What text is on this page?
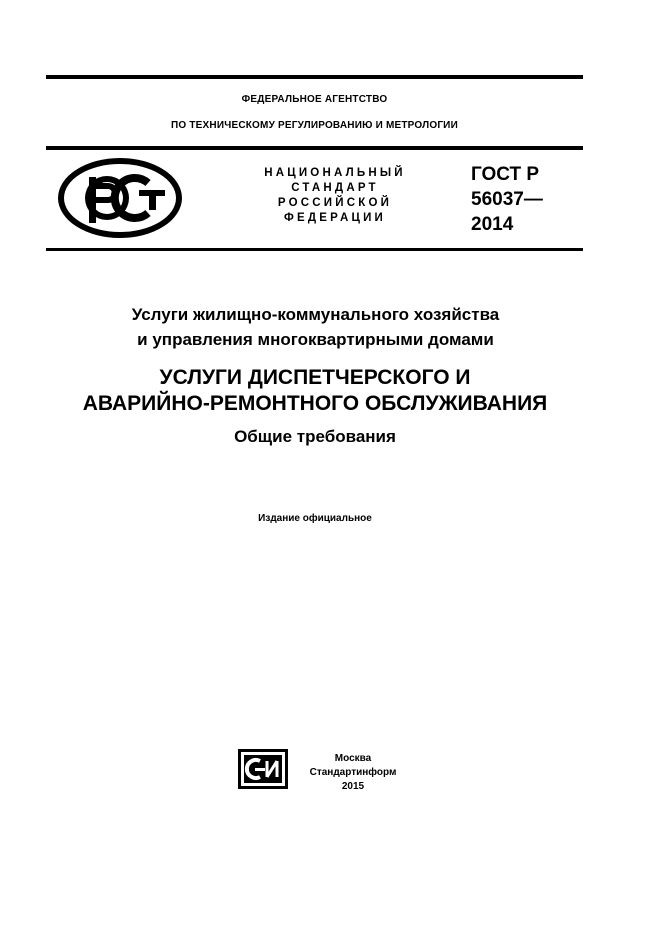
ФЕДЕРАЛЬНОЕ АГЕНТСТВО
ПО ТЕХНИЧЕСКОМУ РЕГУЛИРОВАНИЮ И МЕТРОЛОГИИ
НАЦИОНАЛЬНЫЙ
СТАНДАРТ
РОССИЙСКОЙ
ФЕДЕРАЦИИ
ГОСТ Р
56037—
2014
Услуги жилищно-коммунального хозяйства
и управления многоквартирными домами
УСЛУГИ ДИСПЕТЧЕРСКОГО И
АВАРИЙНО-РЕМОНТНОГО ОБСЛУЖИВАНИЯ
Общие требования
Издание официальное
Москва
Стандартинформ
2015
